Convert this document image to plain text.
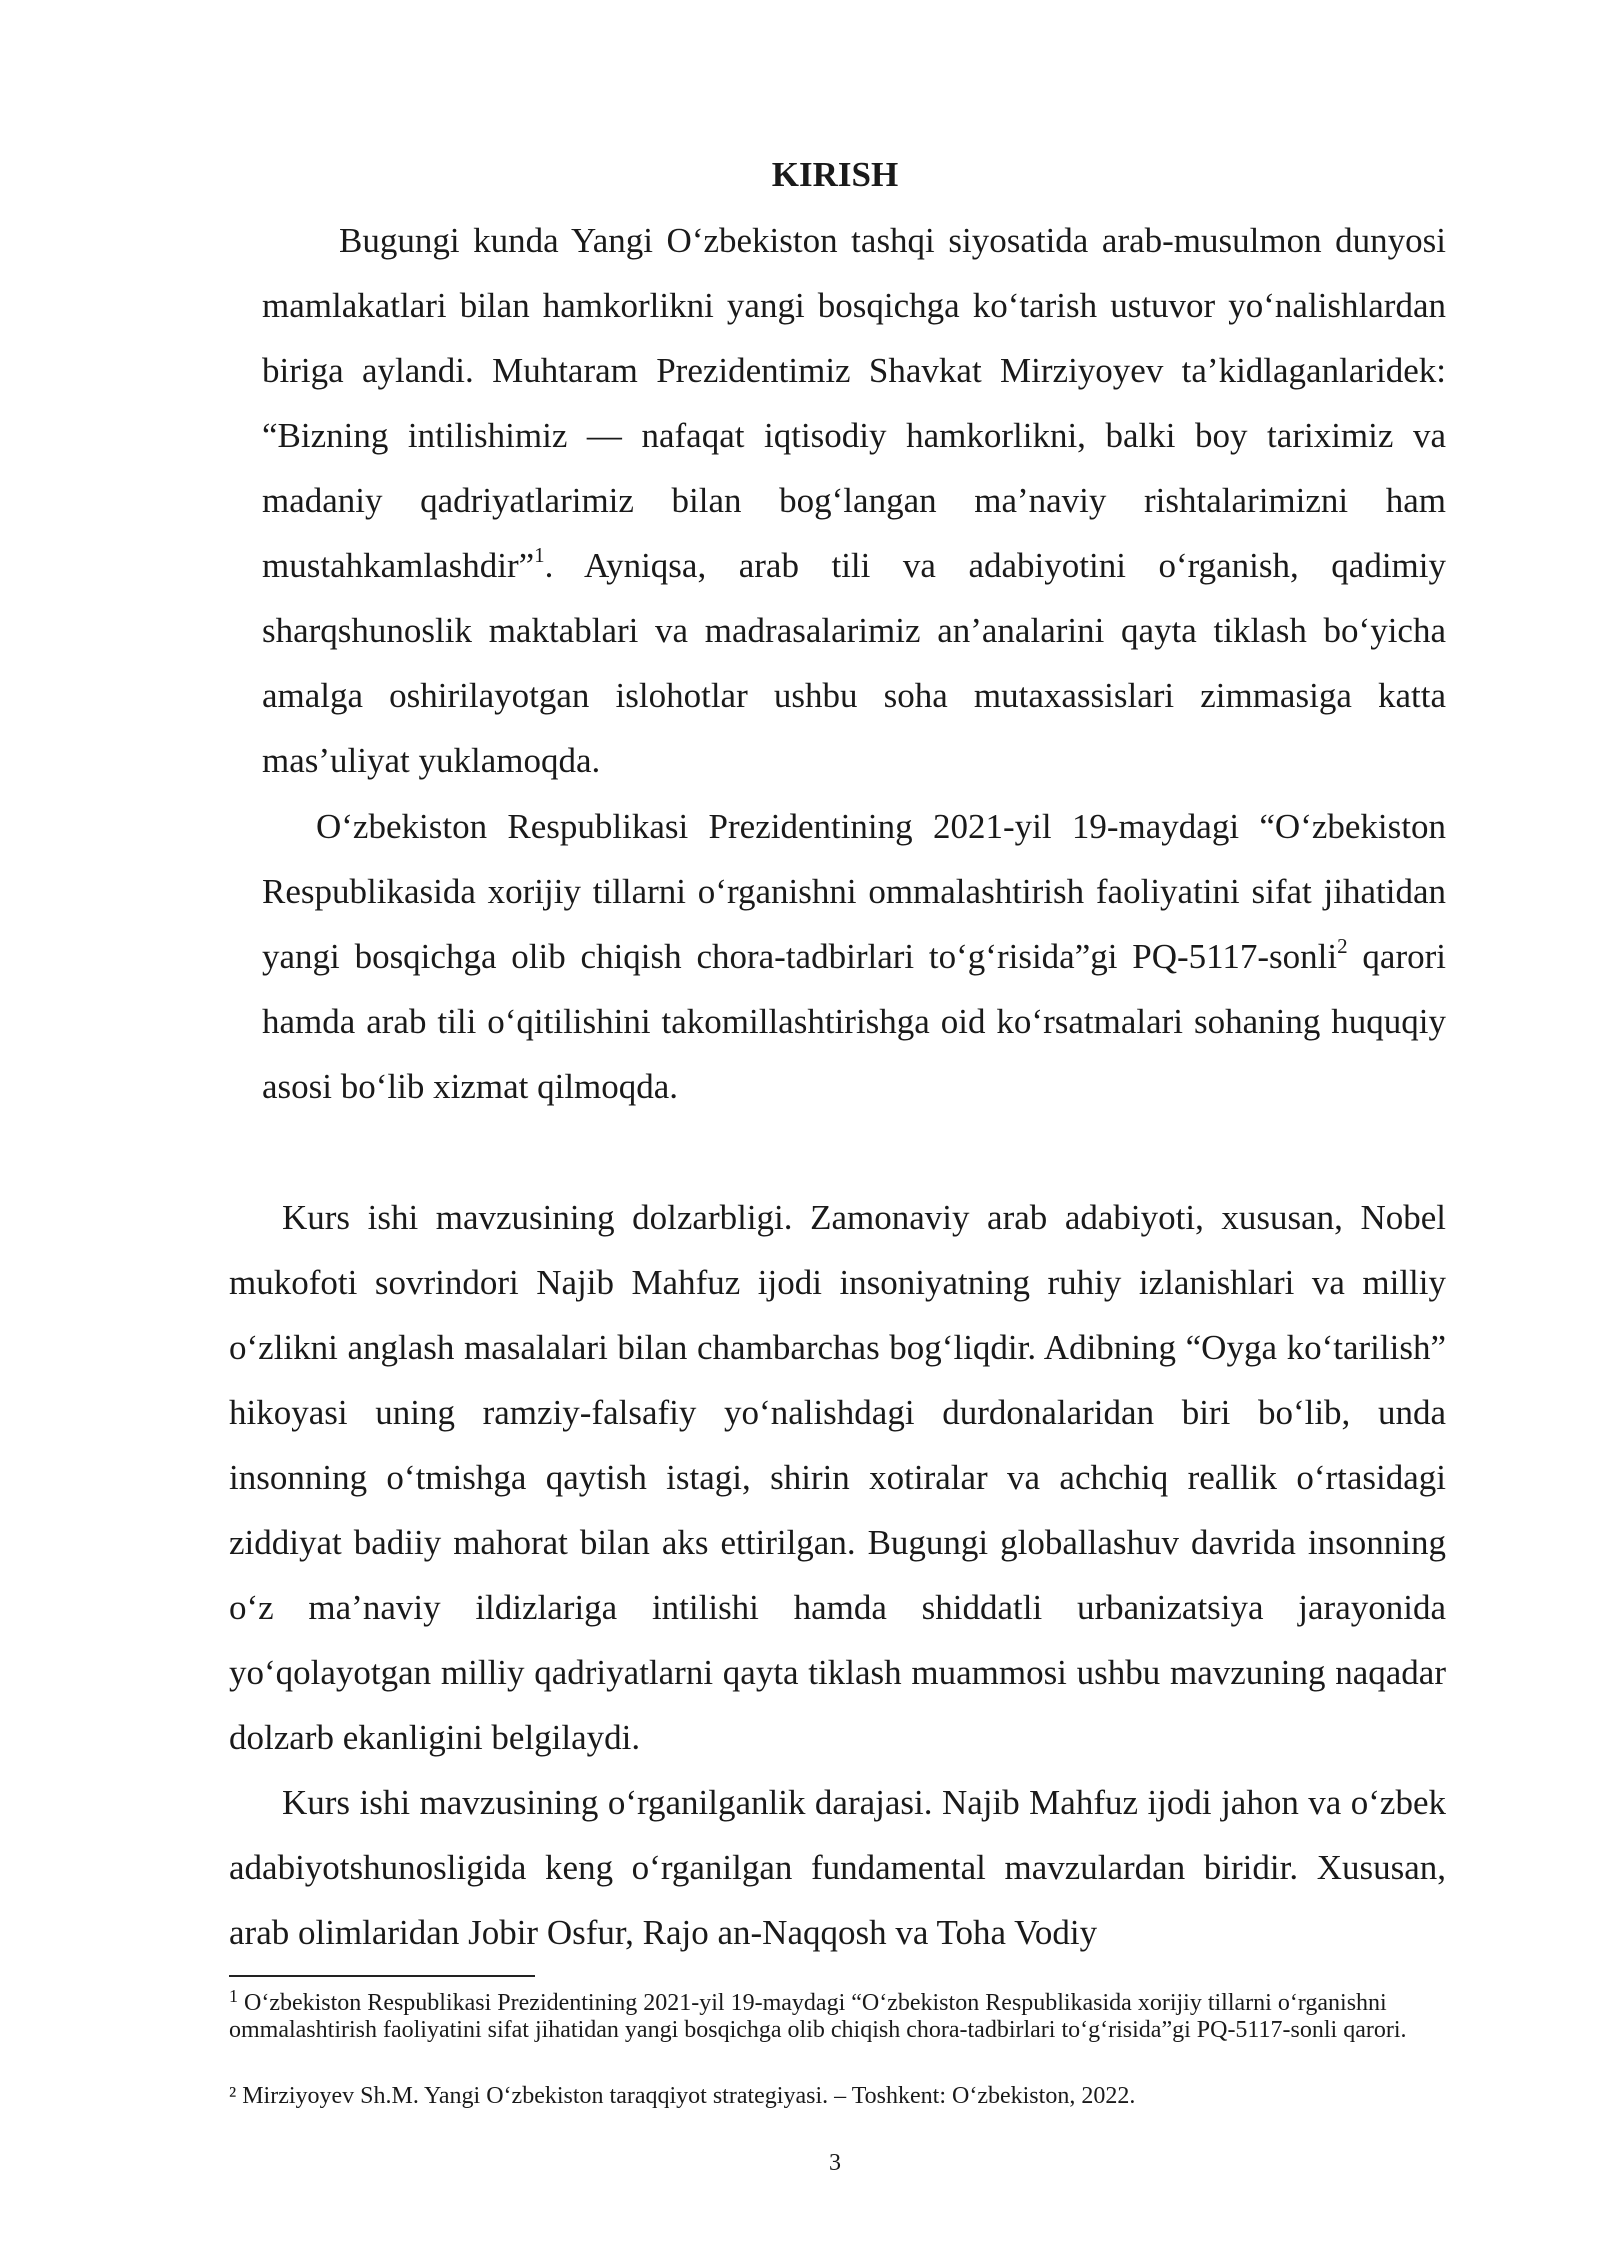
KIRISH

Bugungi kunda Yangi O‘zbekiston tashqi siyosatida arab-musulmon dunyosi mamlakatlari bilan hamkorlikni yangi bosqichga ko‘tarish ustuvor yo‘nalishlardan biriga aylandi. Muhtaram Prezidentimiz Shavkat Mirziyoyev ta’kidlaganlaridek: “Bizning intilishimiz — nafaqat iqtisodiy hamkorlikni, balki boy tariximiz va madaniy qadriyatlarimiz bilan bog‘langan ma’naviy rishtalarimizni ham mustahkamlashdir”$^1$. Ayniqsa, arab tili va adabiyotini o‘rganish, qadimiy sharqshunoslik maktablari va madrasalarimiz an’analarini qayta tiklash bo‘yicha amalga oshirilayotgan islohotlar ushbu soha mutaxassislari zimmasiga katta mas’uliyat yuklamoqda.

O‘zbekiston Respublikasi Prezidentining 2021-yil 19-maydagi “O‘zbekiston Respublikasida xorijiy tillarni o‘rganishni ommalashtirish faoliyatini sifat jihatidan yangi bosqichga olib chiqish chora-tadbirlari to‘g‘risida”gi PQ-5117-sonli$^2$ qarori hamda arab tili o‘qitilishini takomillashtirishga oid ko‘rsatmalari sohaning huquqiy asosi bo‘lib xizmat qilmoqda.

Kurs ishi mavzusining dolzarbligi. Zamonaviy arab adabiyoti, xususan, Nobel mukofoti sovrindori Najib Mahfuz ijodi insoniyatning ruhiy izlanishlari va milliy o‘zlikni anglash masalalari bilan chambarchas bog‘liqdir. Adibning “Oyga ko‘tarilish” hikoyasi uning ramziy-falsafiy yo‘nalishdagi durdonalaridan biri bo‘lib, unda insonning o‘tmishga qaytish istagi, shirin xotiralar va achchiq reallik o‘rtasidagi ziddiyat badiiy mahorat bilan aks ettirilgan. Bugungi globallashuv davrida insonning o‘z ma’naviy ildizlariga intilishi hamda shiddatli urbanizatsiya jarayonida yo‘qolayotgan milliy qadriyatlarni qayta tiklash muammosi ushbu mavzuning naqadar dolzarb ekanligini belgilaydi.

Kurs ishi mavzusining o‘rganilganlik darajasi. Najib Mahfuz ijodi jahon va o‘zbek adabiyotshunosligida keng o‘rganilgan fundamental mavzulardan biridir. Xususan, arab olimlaridan Jobir Osfur, Rajo an-Naqqosh va Toha Vodiy

$^1$ O‘zbekiston Respublikasi Prezidentining 2021-yil 19-maydagi “O‘zbekiston Respublikasida xorijiy tillarni o‘rganishni ommalashtirish faoliyatini sifat jihatidan yangi bosqichga olib chiqish chora-tadbirlari to‘g‘risida”gi PQ-5117-sonli qarori.

² Mirziyoyev Sh.M. Yangi O‘zbekiston taraqqiyot strategiyasi. – Toshkent: O‘zbekiston, 2022.

3
